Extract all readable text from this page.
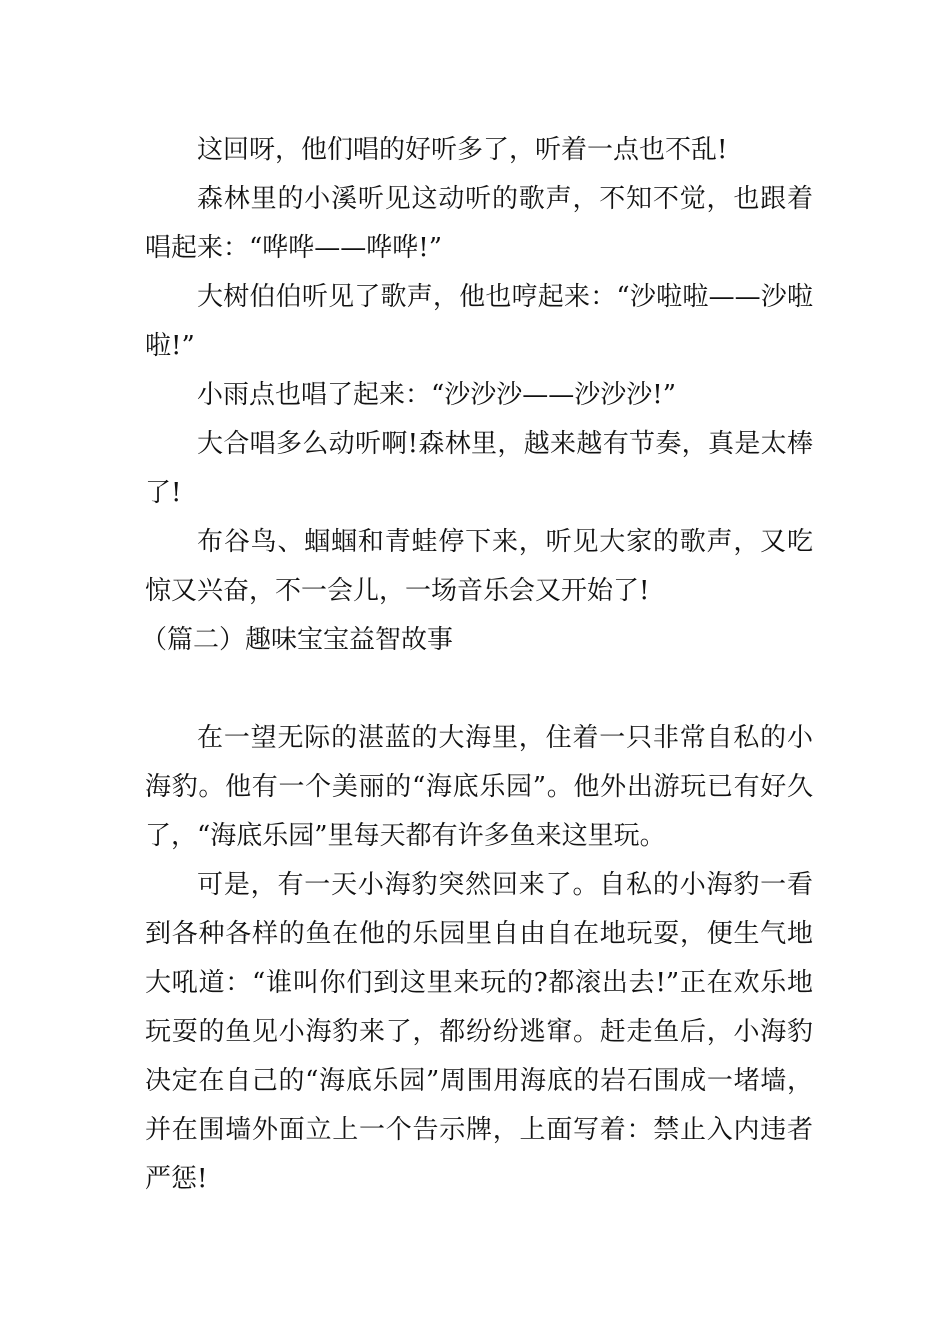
这回呀，他们唱的好听多了，听着一点也不乱!

森林里的小溪听见这动听的歌声，不知不觉，也跟着唱起来：“哗哗——哗哗!”

大树伯伯听见了歌声，他也哼起来：“沙啦啦——沙啦啦!”

小雨点也唱了起来：“沙沙沙——沙沙沙!”

大合唱多么动听啊!森林里，越来越有节奏，真是太棒了!

布谷鸟、蝈蝈和青蛙停下来，听见大家的歌声，又吃惊又兴奋，不一会儿，一场音乐会又开始了!

（篇二）趣味宝宝益智故事

在一望无际的湛蓝的大海里，住着一只非常自私的小海豹。他有一个美丽的“海底乐园”。他外出游玩已有好久了，“海底乐园”里每天都有许多鱼来这里玩。

可是，有一天小海豹突然回来了。自私的小海豹一看到各种各样的鱼在他的乐园里自由自在地玩耍，便生气地大吼道：“谁叫你们到这里来玩的?都滚出去!”正在欢乐地玩耍的鱼见小海豹来了，都纷纷逃窜。赶走鱼后，小海豹决定在自己的“海底乐园”周围用海底的岩石围成一堵墙，并在围墙外面立上一个告示牌，上面写着：禁止入内违者严惩!
